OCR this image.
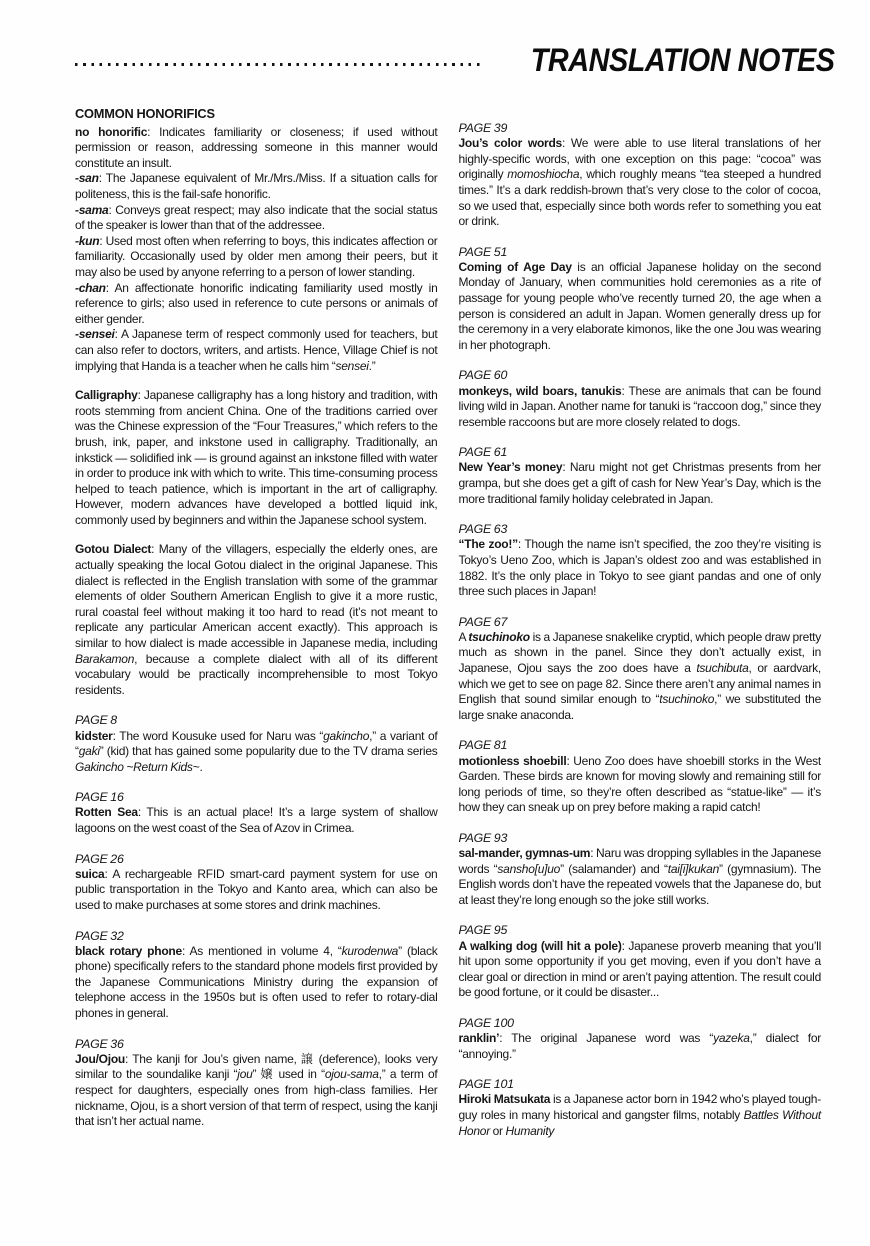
TRANSLATION NOTES
COMMON HONORIFICS

no honorific: Indicates familiarity or closeness; if used without permission or reason, addressing someone in this manner would constitute an insult.

-san: The Japanese equivalent of Mr./Mrs./Miss. If a situation calls for politeness, this is the fail-safe honorific.

-sama: Conveys great respect; may also indicate that the social status of the speaker is lower than that of the addressee.

-kun: Used most often when referring to boys, this indicates affection or familiarity. Occasionally used by older men among their peers, but it may also be used by anyone referring to a person of lower standing.

-chan: An affectionate honorific indicating familiarity used mostly in reference to girls; also used in reference to cute persons or animals of either gender.

-sensei: A Japanese term of respect commonly used for teachers, but can also refer to doctors, writers, and artists. Hence, Village Chief is not implying that Handa is a teacher when he calls him “sensei.”

Calligraphy: Japanese calligraphy has a long history and tradition, with roots stemming from ancient China. One of the traditions carried over was the Chinese expression of the “Four Treasures,” which refers to the brush, ink, paper, and inkstone used in calligraphy. Traditionally, an inkstick — solidified ink — is ground against an inkstone filled with water in order to produce ink with which to write. This time-consuming process helped to teach patience, which is important in the art of calligraphy. However, modern advances have developed a bottled liquid ink, commonly used by beginners and within the Japanese school system.

Gotou Dialect: Many of the villagers, especially the elderly ones, are actually speaking the local Gotou dialect in the original Japanese. This dialect is reflected in the English translation with some of the grammar elements of older Southern American English to give it a more rustic, rural coastal feel without making it too hard to read (it’s not meant to replicate any particular American accent exactly). This approach is similar to how dialect is made accessible in Japanese media, including Barakamon, because a complete dialect with all of its different vocabulary would be practically incomprehensible to most Tokyo residents.

PAGE 8

kidster: The word Kousuke used for Naru was “gakincho,” a variant of “gaki” (kid) that has gained some popularity due to the TV drama series Gakincho ~Return Kids~.

PAGE 16

Rotten Sea: This is an actual place! It’s a large system of shallow lagoons on the west coast of the Sea of Azov in Crimea.

PAGE 26

suica: A rechargeable RFID smart-card payment system for use on public transportation in the Tokyo and Kanto area, which can also be used to make purchases at some stores and drink machines.

PAGE 32

black rotary phone: As mentioned in volume 4, “kurodenwa” (black phone) specifically refers to the standard phone models first provided by the Japanese Communications Ministry during the expansion of telephone access in the 1950s but is often used to refer to rotary-dial phones in general.

PAGE 36

Jou/Ojou: The kanji for Jou’s given name, 譲 (deference), looks very similar to the soundalike kanji “jou” 嬢 used in “ojou-sama,” a term of respect for daughters, especially ones from high-class families. Her nickname, Ojou, is a short version of that term of respect, using the kanji that isn’t her actual name.

PAGE 39

Jou’s color words: We were able to use literal translations of her highly-specific words, with one exception on this page: “cocoa” was originally momoshiocha, which roughly means “tea steeped a hundred times.” It’s a dark reddish-brown that’s very close to the color of cocoa, so we used that, especially since both words refer to something you eat or drink.

PAGE 51

Coming of Age Day is an official Japanese holiday on the second Monday of January, when communities hold ceremonies as a rite of passage for young people who’ve recently turned 20, the age when a person is considered an adult in Japan. Women generally dress up for the ceremony in a very elaborate kimonos, like the one Jou was wearing in her photograph.

PAGE 60

monkeys, wild boars, tanukis: These are animals that can be found living wild in Japan. Another name for tanuki is “raccoon dog,” since they resemble raccoons but are more closely related to dogs.

PAGE 61

New Year’s money: Naru might not get Christmas presents from her grampa, but she does get a gift of cash for New Year’s Day, which is the more traditional family holiday celebrated in Japan.

PAGE 63

“The zoo!”: Though the name isn’t specified, the zoo they’re visiting is Tokyo’s Ueno Zoo, which is Japan’s oldest zoo and was established in 1882. It’s the only place in Tokyo to see giant pandas and one of only three such places in Japan!

PAGE 67

A tsuchinoko is a Japanese snakelike cryptid, which people draw pretty much as shown in the panel. Since they don’t actually exist, in Japanese, Ojou says the zoo does have a tsuchibuta, or aardvark, which we get to see on page 82. Since there aren’t any animal names in English that sound similar enough to “tsuchinoko,” we substituted the large snake anaconda.

PAGE 81

motionless shoebill: Ueno Zoo does have shoebill storks in the West Garden. These birds are known for moving slowly and remaining still for long periods of time, so they’re often described as “statue-like” — it’s how they can sneak up on prey before making a rapid catch!

PAGE 93

sal-mander, gymnas-um: Naru was dropping syllables in the Japanese words “sansho[u]uo” (salamander) and “tai[i]kukan” (gymnasium). The English words don’t have the repeated vowels that the Japanese do, but at least they’re long enough so the joke still works.

PAGE 95

A walking dog (will hit a pole): Japanese proverb meaning that you’ll hit upon some opportunity if you get moving, even if you don’t have a clear goal or direction in mind or aren’t paying attention. The result could be good fortune, or it could be disaster...

PAGE 100

ranklin’: The original Japanese word was “yazeka,” dialect for “annoying.”

PAGE 101

Hiroki Matsukata is a Japanese actor born in 1942 who’s played tough-guy roles in many historical and gangster films, notably Battles Without Honor or Humanity
